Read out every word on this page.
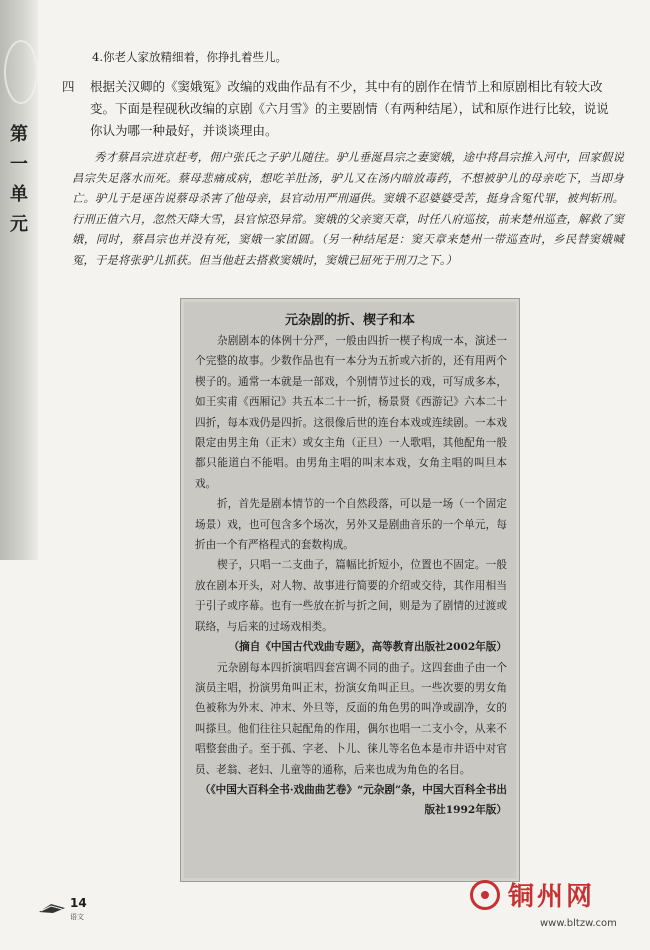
第一单元
4.你老人家放精细着，你挣扎着些儿。
四 根据关汉卿的《窦娥冤》改编的戏曲作品有不少，其中有的剧作在情节上和原剧相比有较大改变。下面是程砚秋改编的京剧《六月雪》的主要剧情（有两种结尾），试和原作进行比较，说说你认为哪一种最好，并谈谈理由。
秀才蔡昌宗进京赶考，佣户张氏之子驴儿随往。驴儿垂涎昌宗之妻窦娥，途中将昌宗推入河中，回家假说昌宗失足落水而死。蔡母悲痛成病，想吃羊肚汤，驴儿又在汤内暗放毒药，不想被驴儿的母亲吃下，当即身亡。驴儿于是诬告说蔡母杀害了他母亲，县官动用严刑逼供。窦娥不忍婆婆受苦，挺身含冤代罪，被判斩刑。行刑正值六月，忽然天降大雪，县官惊恐异常。窦娥的父亲窦天章，时任八府巡按，前来楚州巡查，解救了窦娥，同时，蔡昌宗也并没有死，窦娥一家团圆。（另一种结尾是：窦天章来楚州一带巡查时，乡民替窦娥喊冤，于是将张驴儿抓获。但当他赶去搭救窦娥时，窦娥已屈死于刑刀之下。）
元杂剧的折、楔子和本

杂剧剧本的体例十分严，一般由四折一楔子构成一本，演述一个完整的故事。少数作品也有一本分为五折或六折的，还有用两个楔子的。通常一本就是一部戏，个别情节过长的戏，可写成多本，如王实甫《西厢记》共五本二十一折，杨景贤《西游记》六本二十四折，每本戏仍是四折。这很像后世的连台本戏或连续剧。一本戏限定由男主角（正末）或女主角（正旦）一人歌唱，其他配角一般都只能道白不能唱。由男角主唱的叫末本戏，女角主唱的叫旦本戏。

折，首先是剧本情节的一个自然段落，可以是一场（一个固定场景）戏，也可包含多个场次，另外又是剧曲音乐的一个单元，每折由一个有严格程式的套数构成。

楔子，只唱一二支曲子，篇幅比折短小，位置也不固定。一般放在剧本开头，对人物、故事进行简要的介绍或交待，其作用相当于引子或序幕。也有一些放在折与折之间，则是为了剧情的过渡或联络，与后来的过场戏相类。

（摘自《中国古代戏曲专题》，高等教育出版社2002年版）

元杂剧每本四折演唱四套宫调不同的曲子。这四套曲子由一个演员主唱，扮演男角叫正末，扮演女角叫正旦。一些次要的男女角色被称为外末、冲末、外旦等，反面的角色男的叫净或副净，女的叫搽旦。他们往往只起配角的作用，偶尔也唱一二支小令，从来不唱整套曲子。至于孤、字老、卜儿、徕儿等名色本是市井语中对官员、老翁、老妇、儿童等的通称，后来也成为角色的名目。

（《中国大百科全书·戏曲曲艺卷》“元杂剧”条，中国大百科全书出版社1992年版）

14
语文
铜州网
www.bltzw.com
